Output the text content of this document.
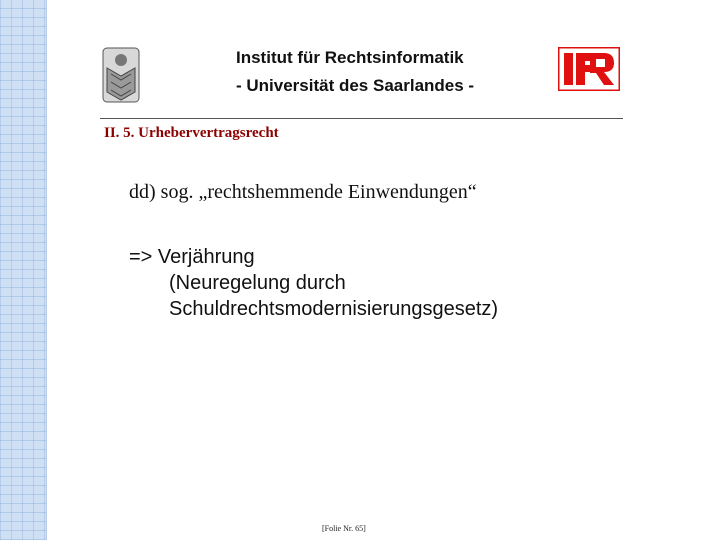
Institut für Rechtsinformatik
- Universität des Saarlandes -
II. 5. Urhebervertragsrecht
dd) sog. „rechtshemmende Einwendungen“
=> Verjährung
(Neuregelung durch
Schuldrechtsmodernisierungsgesetz)
[Folie Nr. 65]
